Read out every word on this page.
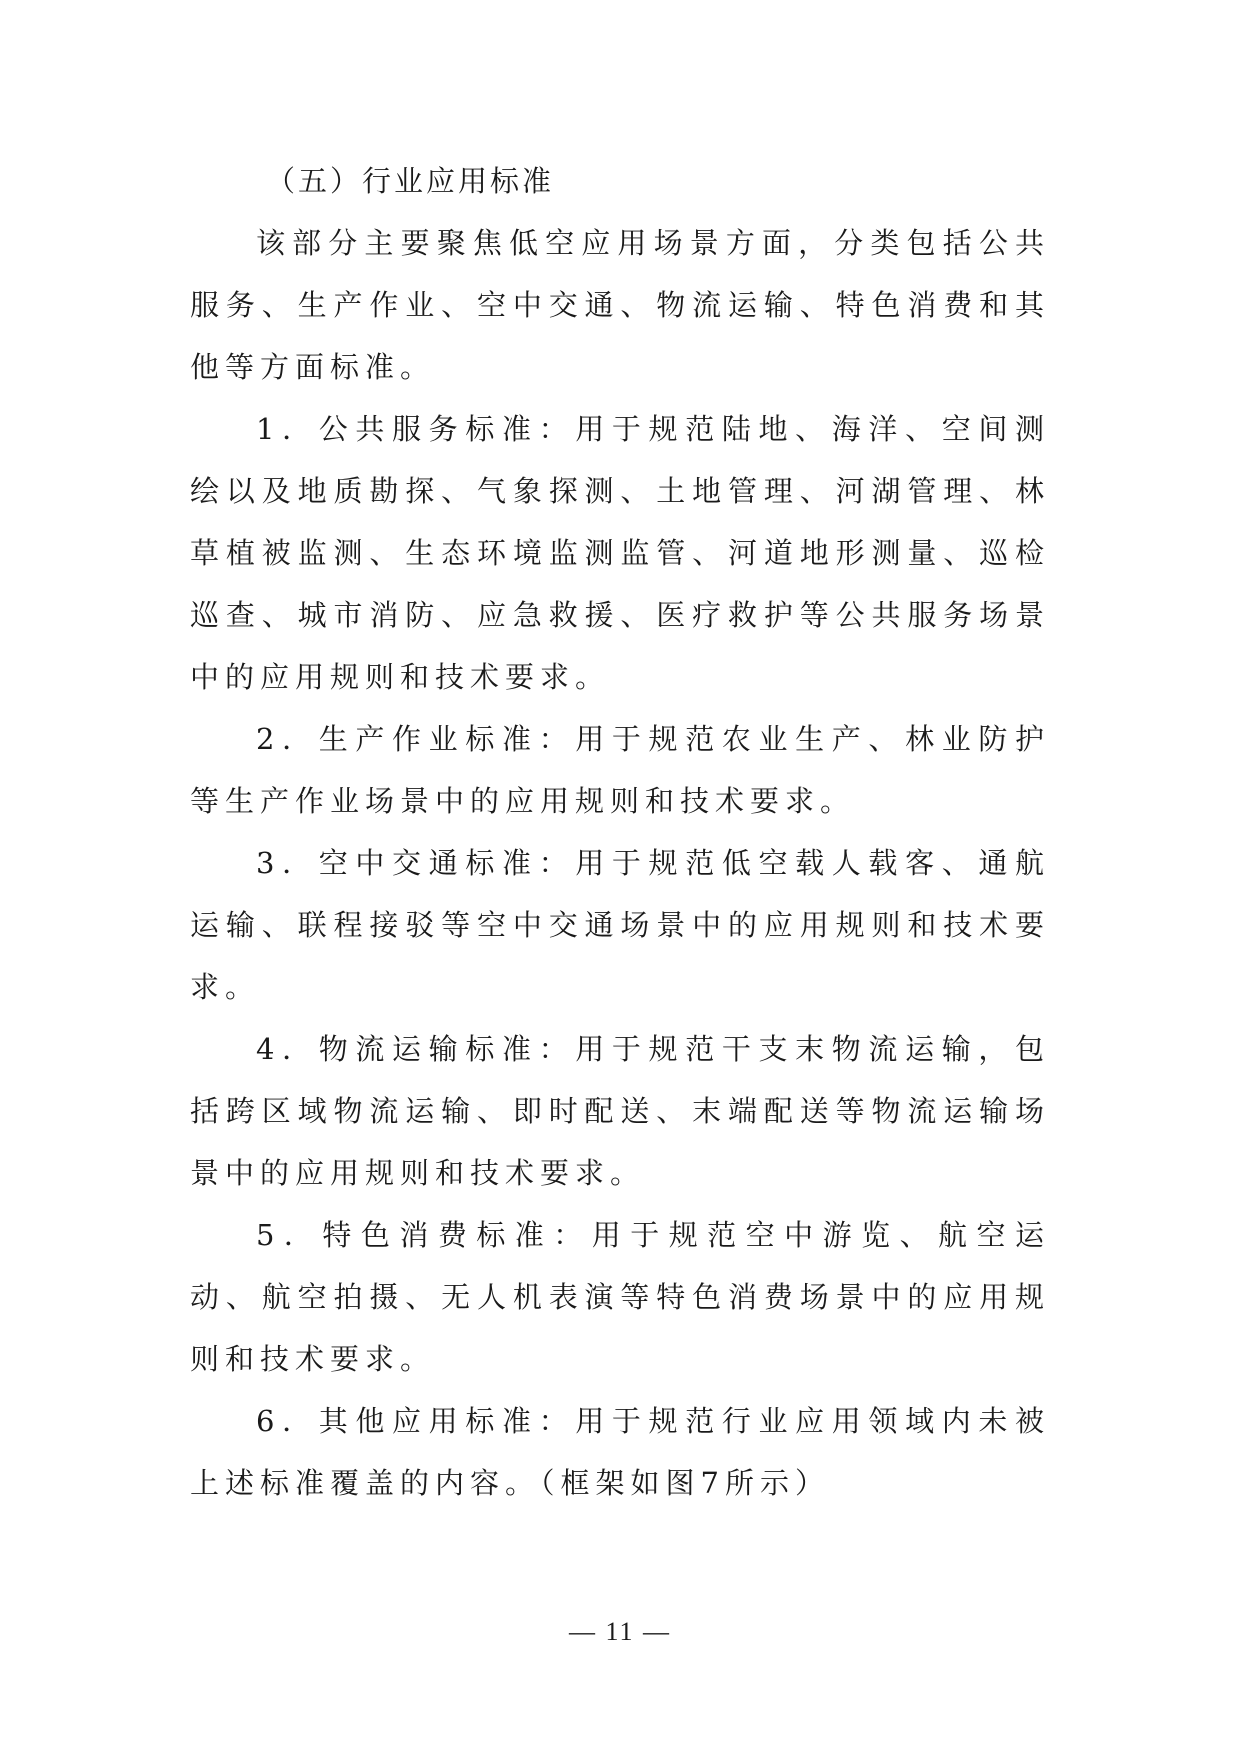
（五）行业应用标准

该部分主要聚焦低空应用场景方面，分类包括公共服务、生产作业、空中交通、物流运输、特色消费和其他等方面标准。

1．公共服务标准：用于规范陆地、海洋、空间测绘以及地质勘探、气象探测、土地管理、河湖管理、林草植被监测、生态环境监测监管、河道地形测量、巡检巡查、城市消防、应急救援、医疗救护等公共服务场景中的应用规则和技术要求。

2．生产作业标准：用于规范农业生产、林业防护等生产作业场景中的应用规则和技术要求。

3．空中交通标准：用于规范低空载人载客、通航运输、联程接驳等空中交通场景中的应用规则和技术要求。

4．物流运输标准：用于规范干支末物流运输，包括跨区域物流运输、即时配送、末端配送等物流运输场景中的应用规则和技术要求。

5．特色消费标准：用于规范空中游览、航空运动、航空拍摄、无人机表演等特色消费场景中的应用规则和技术要求。

6．其他应用标准：用于规范行业应用领域内未被上述标准覆盖的内容。（框架如图7所示）

— 11 —
